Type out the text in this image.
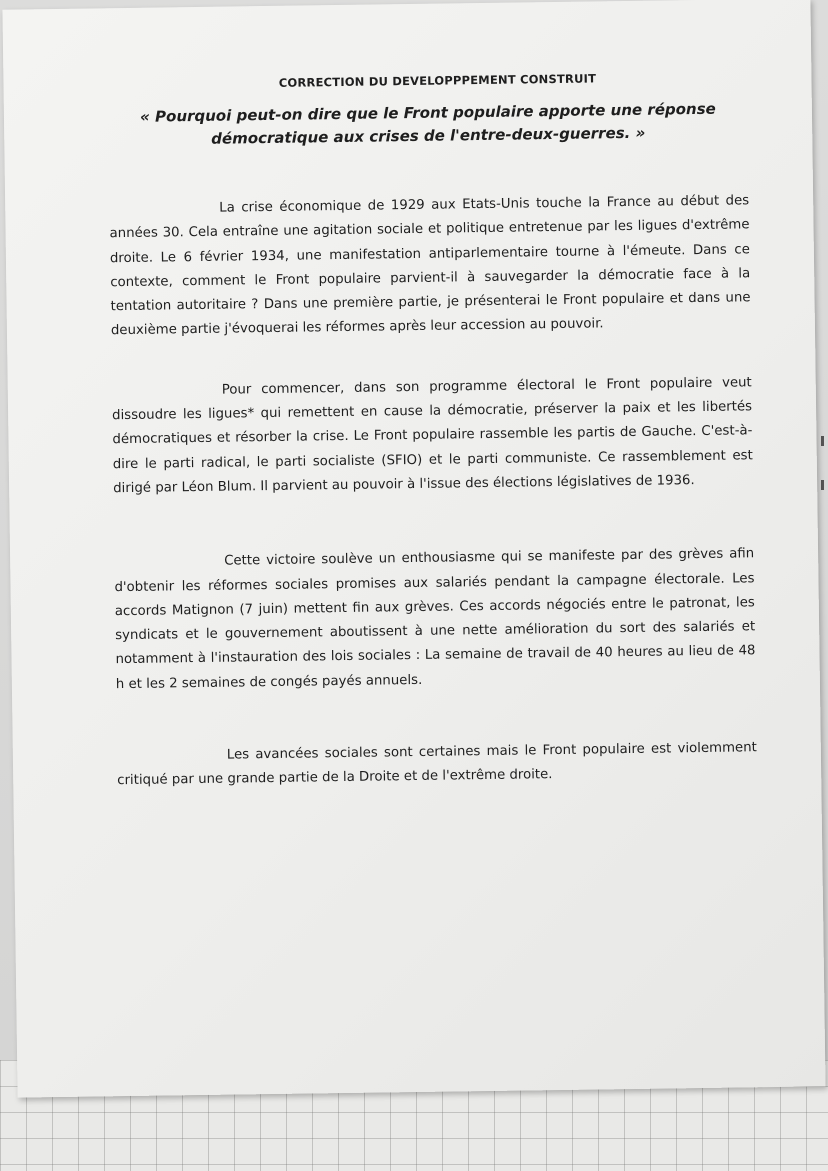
CORRECTION DU DEVELOPPPEMENT CONSTRUIT
« Pourquoi peut-on dire que le Front populaire apporte une réponse démocratique aux crises de l'entre-deux-guerres. »

La crise économique de 1929 aux Etats-Unis touche la France au début des années 30. Cela entraîne une agitation sociale et politique entretenue par les ligues d'extrême droite. Le 6 février 1934, une manifestation antiparlementaire tourne à l'émeute. Dans ce contexte, comment le Front populaire parvient-il à sauvegarder la démocratie face à la tentation autoritaire ? Dans une première partie, je présenterai le Front populaire et dans une deuxième partie j'évoquerai les réformes après leur accession au pouvoir.

Pour commencer, dans son programme électoral le Front populaire veut dissoudre les ligues* qui remettent en cause la démocratie, préserver la paix et les libertés démocratiques et résorber la crise. Le Front populaire rassemble les partis de Gauche. C'est-à-dire le parti radical, le parti socialiste (SFIO) et le parti communiste. Ce rassemblement est dirigé par Léon Blum. Il parvient au pouvoir à l'issue des élections législatives de 1936.

Cette victoire soulève un enthousiasme qui se manifeste par des grèves afin d'obtenir les réformes sociales promises aux salariés pendant la campagne électorale. Les accords Matignon (7 juin) mettent fin aux grèves. Ces accords négociés entre le patronat, les syndicats et le gouvernement aboutissent à une nette amélioration du sort des salariés et notamment à l'instauration des lois sociales : La semaine de travail de 40 heures au lieu de 48 h et les 2 semaines de congés payés annuels.

Les avancées sociales sont certaines mais le Front populaire est violemment critiqué par une grande partie de la Droite et de l'extrême droite.
